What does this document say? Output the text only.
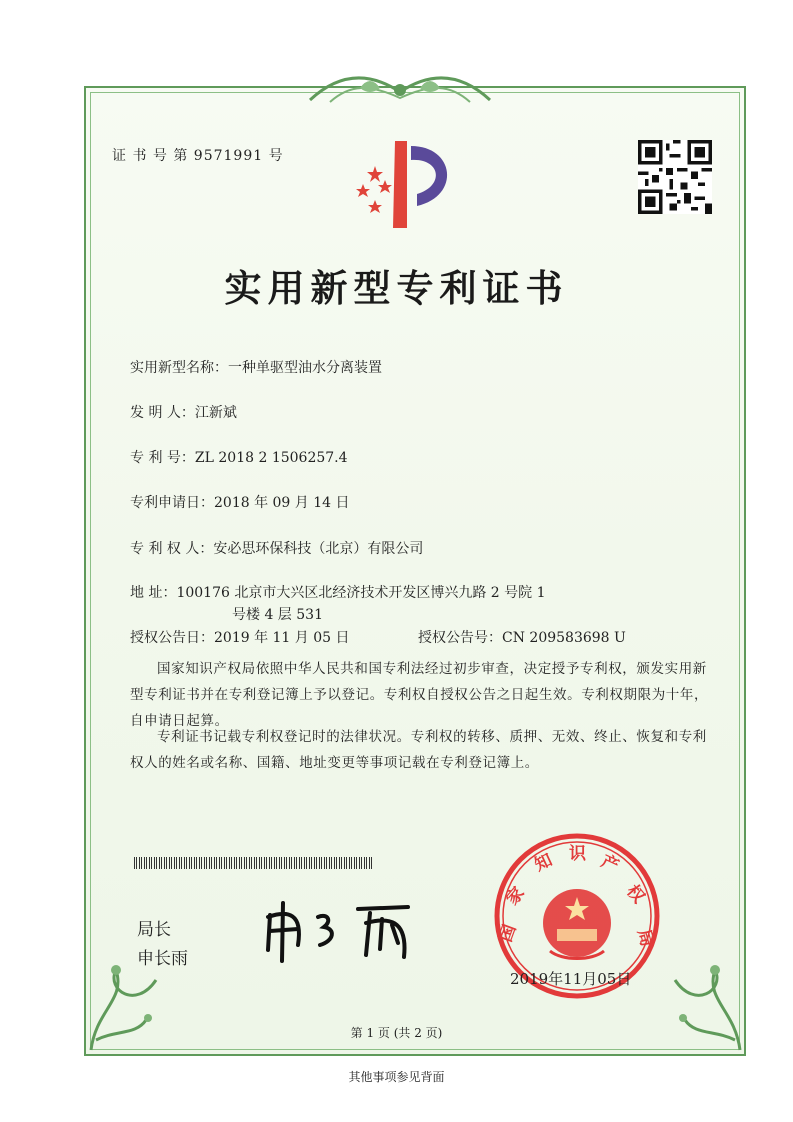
证 书 号 第 9571991 号
实用新型专利证书
实用新型名称：一种单驱型油水分离装置
发 明 人：江新斌
专 利 号：ZL 2018 2 1506257.4
专利申请日：2018 年 09 月 14 日
专 利 权 人：安必思环保科技（北京）有限公司
地 址：100176 北京市大兴区北经济技术开发区博兴九路 2 号院 1
号楼 4 层 531
授权公告日：2019 年 11 月 05 日	授权公告号：CN 209583698 U
国家知识产权局依照中华人民共和国专利法经过初步审查，决定授予专利权，颁发实用新型专利证书并在专利登记簿上予以登记。专利权自授权公告之日起生效。专利权期限为十年，自申请日起算。
专利证书记载专利权登记时的法律状况。专利权的转移、质押、无效、终止、恢复和专利权人的姓名或名称、国籍、地址变更等事项记载在专利登记簿上。
局长
申长雨
国
家
知 识 产
权
局
2019年11月05日
第 1 页 (共 2 页)
其他事项参见背面
